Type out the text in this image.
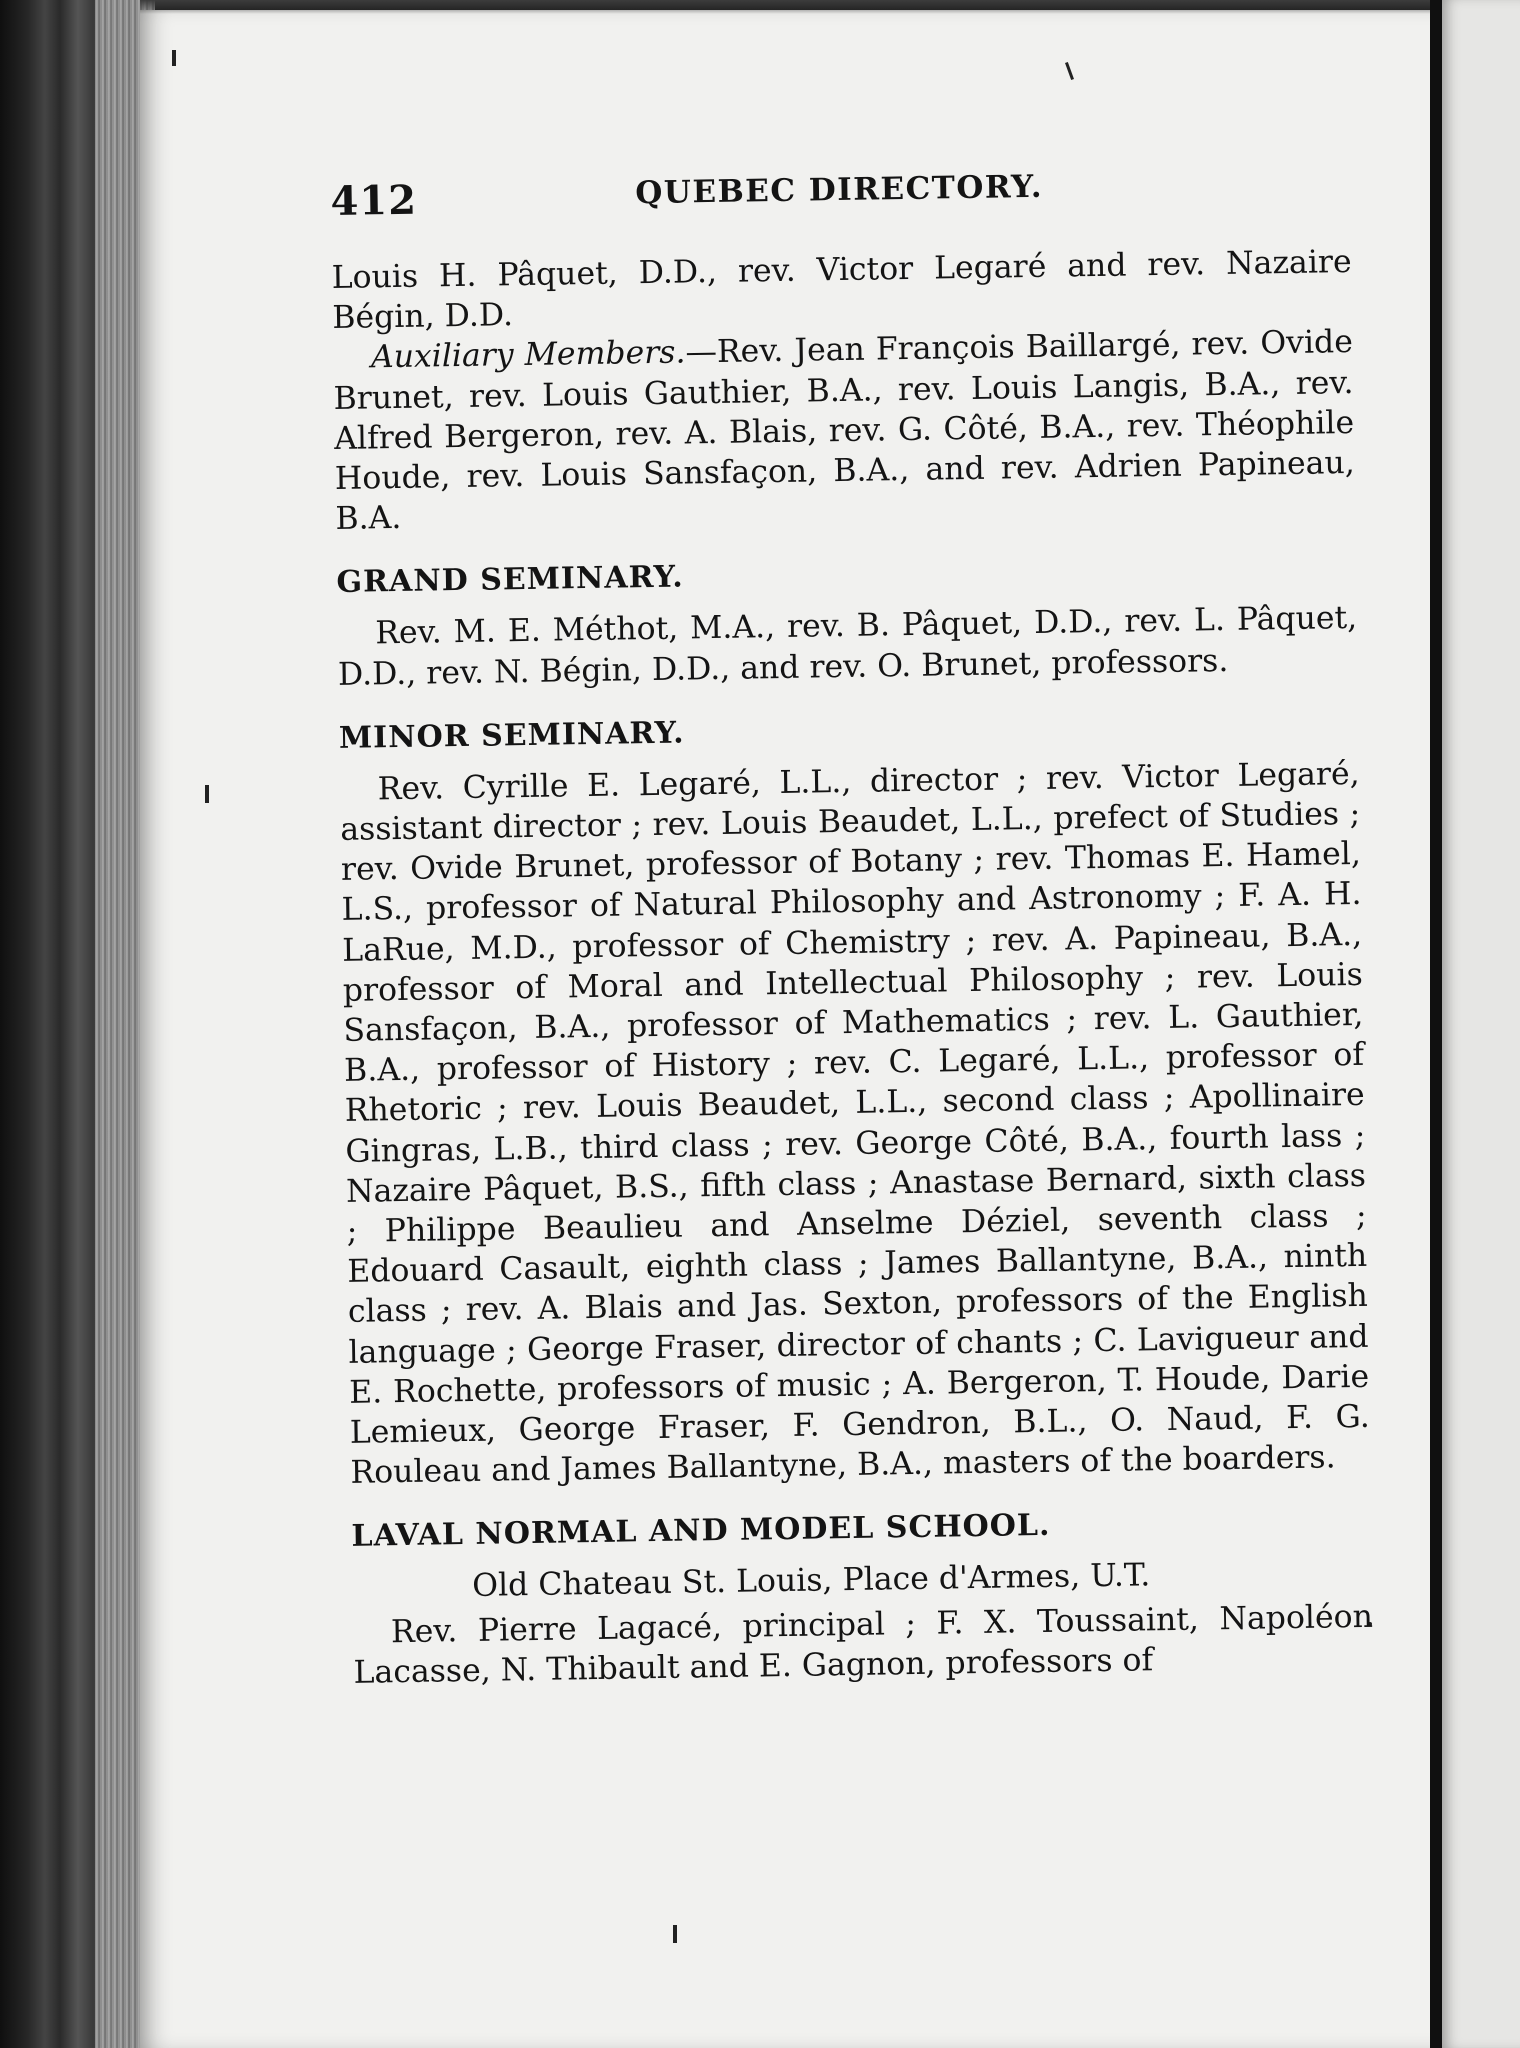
412	QUEBEC DIRECTORY.

Louis H. Pâquet, D.D., rev. Victor Legaré and rev. Nazaire Bégin, D.D.

Auxiliary Members.—Rev. Jean François Baillargé, rev. Ovide Brunet, rev. Louis Gauthier, B.A., rev. Louis Langis, B.A., rev. Alfred Bergeron, rev. A. Blais, rev. G. Côté, B.A., rev. Théophile Houde, rev. Louis Sansfaçon, B.A., and rev. Adrien Papineau, B.A.

GRAND SEMINARY.

Rev. M. E. Méthot, M.A., rev. B. Pâquet, D.D., rev. L. Pâquet, D.D., rev. N. Bégin, D.D., and rev. O. Brunet, professors.

MINOR SEMINARY.

Rev. Cyrille E. Legaré, L.L., director ; rev. Victor Legaré, assistant director ; rev. Louis Beaudet, L.L., prefect of Studies ; rev. Ovide Brunet, professor of Botany ; rev. Thomas E. Hamel, L.S., professor of Natural Philosophy and Astronomy ; F. A. H. LaRue, M.D., professor of Chemistry ; rev. A. Papineau, B.A., professor of Moral and Intellectual Philosophy ; rev. Louis Sansfaçon, B.A., professor of Mathematics ; rev. L. Gauthier, B.A., professor of History ; rev. C. Legaré, L.L., professor of Rhetoric ; rev. Louis Beaudet, L.L., second class ; Apollinaire Gingras, L.B., third class ; rev. George Côté, B.A., fourth lass ; Nazaire Pâquet, B.S., fifth class ; Anastase Bernard, sixth class ; Philippe Beaulieu and Anselme Déziel, seventh class ; Edouard Casault, eighth class ; James Ballantyne, B.A., ninth class ; rev. A. Blais and Jas. Sexton, professors of the English language ; George Fraser, director of chants ; C. Lavigueur and E. Rochette, professors of music ; A. Bergeron, T. Houde, Darie Lemieux, George Fraser, F. Gendron, B.L., O. Naud, F. G. Rouleau and James Ballantyne, B.A., masters of the boarders.

LAVAL NORMAL AND MODEL SCHOOL.
Old Chateau St. Louis, Place d'Armes, U.T.

Rev. Pierre Lagacé, principal ; F. X. Toussaint, Napoléon Lacasse, N. Thibault and E. Gagnon, professors of
